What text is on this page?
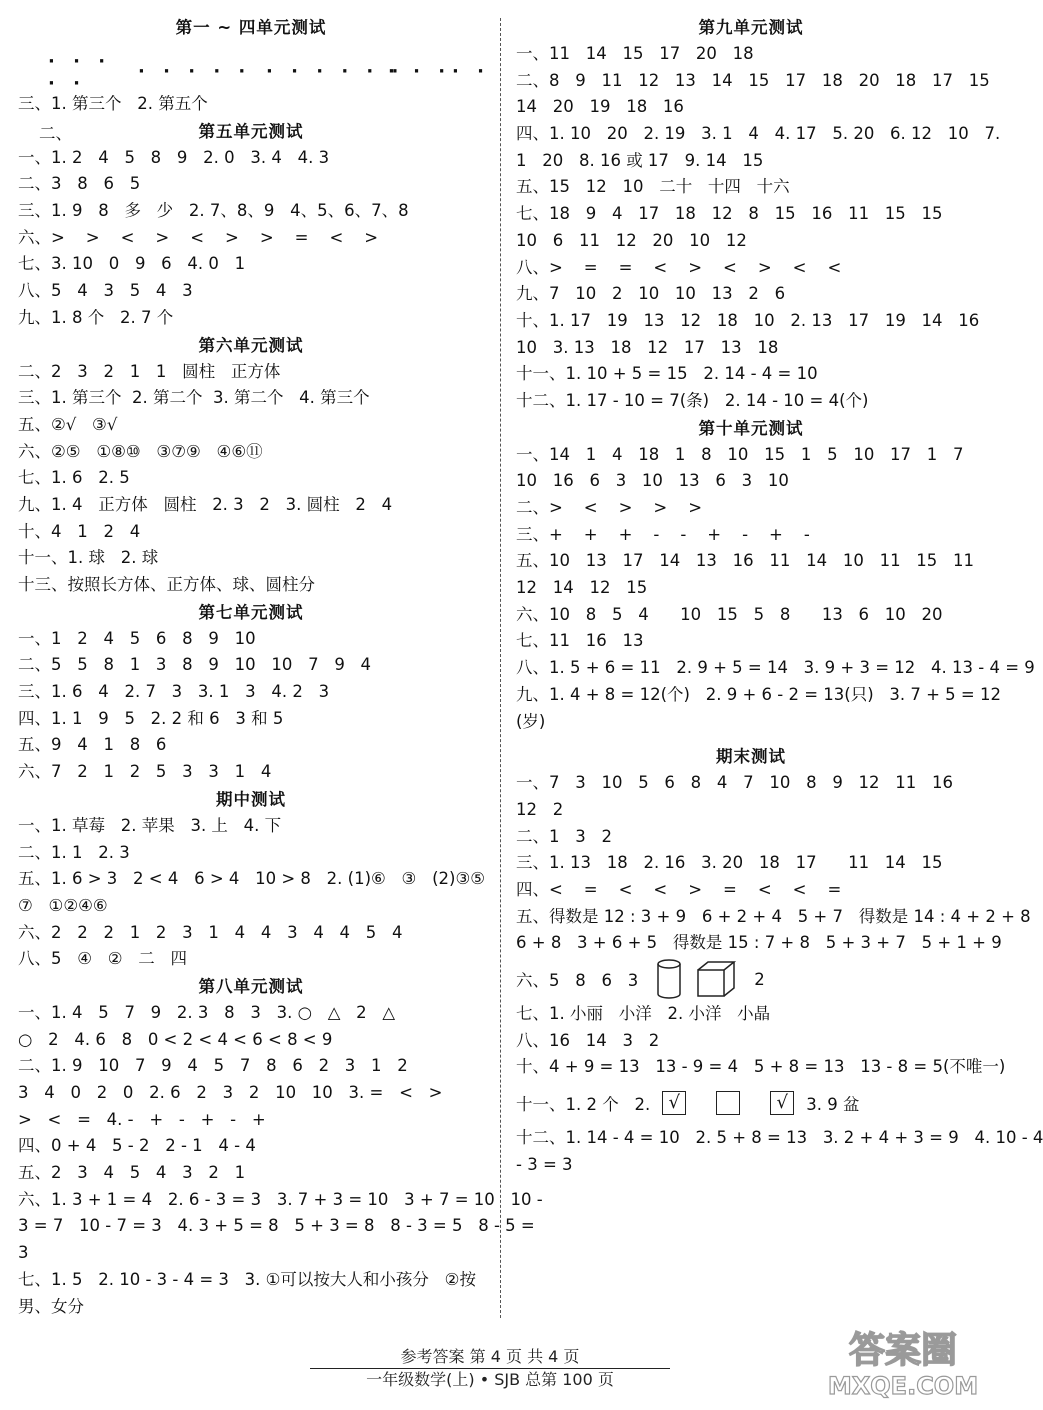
第一 ~ 四单元测试

二、

· · ·

· ·

· · · · ·

· · · · · ·

· · ·

· ·

三、1. 第三个   2. 第五个
第五单元测试
一、1. 2   4   5   8   9   2. 0   3. 4   4. 3
二、3   8   6   5
三、1. 9   8   多   少   2. 7、8、9   4、5、6、7、8
六、>    >    <    >    <    >    >    =    <    >
七、3. 10   0   9   6   4. 0   1
八、5   4   3   5   4   3
九、1. 8 个   2. 7 个
第六单元测试
二、2   3   2   1   1   圆柱   正方体
三、1. 第三个  2. 第二个  3. 第二个   4. 第三个
五、②√   ③√
六、②⑤   ①⑧⑩   ③⑦⑨   ④⑥⑪
七、1. 6   2. 5
九、1. 4   正方体   圆柱   2. 3   2   3. 圆柱   2   4
十、4   1   2   4
十一、1. 球   2. 球
十三、按照长方体、正方体、球、圆柱分
第七单元测试
一、1   2   4   5   6   8   9   10
二、5   5   8   1   3   8   9   10   10   7   9   4
三、1. 6   4   2. 7   3   3. 1   3   4. 2   3
四、1. 1   9   5   2. 2 和 6   3 和 5
五、9   4   1   8   6
六、7   2   1   2   5   3   3   1   4
期中测试
一、1. 草莓   2. 苹果   3. 上   4. 下
二、1. 1   2. 3
五、1. 6 > 3   2 < 4   6 > 4   10 > 8   2. (1)⑥   ③   (2)③⑤
⑦   ①②④⑥
六、2   2   2   1   2   3   1   4   4   3   4   4   5   4
八、5   ④   ②   二   四
第八单元测试
一、1. 4   5   7   9   2. 3   8   3   3. ○   △   2   △
○   2   4. 6   8   0 < 2 < 4 < 6 < 8 < 9
二、1. 9   10   7   9   4   5   7   8   6   2   3   1   2
3   4   0   2   0   2. 6   2   3   2   10   10   3. =   <   >
>   <   =   4. -   +   -   +   -   +
四、0 + 4   5 - 2   2 - 1   4 - 4
五、2   3   4   5   4   3   2   1
六、1. 3 + 1 = 4   2. 6 - 3 = 3   3. 7 + 3 = 10   3 + 7 = 10   10 -
3 = 7   10 - 7 = 3   4. 3 + 5 = 8   5 + 3 = 8   8 - 3 = 5   8 - 5 =
3
七、1. 5   2. 10 - 3 - 4 = 3   3. ①可以按大人和小孩分   ②按
男、女分
第九单元测试
一、11   14   15   17   20   18
二、8   9   11   12   13   14   15   17   18   20   18   17   15
14   20   19   18   16
四、1. 10   20   2. 19   3. 1   4   4. 17   5. 20   6. 12   10   7.
1   20   8. 16 或 17   9. 14   15
五、15   12   10   二十   十四   十六
七、18   9   4   17   18   12   8   15   16   11   15   15
10   6   11   12   20   10   12
八、>    =    =    <    >    <    >    <    <
九、7   10   2   10   10   13   2   6
十、1. 17   19   13   12   18   10   2. 13   17   19   14   16
10   3. 13   18   12   17   13   18
十一、1. 10 + 5 = 15   2. 14 - 4 = 10
十二、1. 17 - 10 = 7(条)   2. 14 - 10 = 4(个)
第十单元测试
一、14   1   4   18   1   8   10   15   1   5   10   17   1   7
10   16   6   3   10   13   6   3   10
二、>    <    >    >    >
三、+    +    +    -    -    +    -    +    -
五、10   13   17   14   13   16   11   14   10   11   15   11
12   14   12   15
六、10   8   5   4      10   15   5   8      13   6   10   20
七、11   16   13
八、1. 5 + 6 = 11   2. 9 + 5 = 14   3. 9 + 3 = 12   4. 13 - 4 = 9
九、1. 4 + 8 = 12(个)   2. 9 + 6 - 2 = 13(只)   3. 7 + 5 = 12
(岁)
期末测试
一、7   3   10   5   6   8   4   7   10   8   9   12   11   16
12   2
二、1   3   2
三、1. 13   18   2. 16   3. 20   18   17      11   14   15
四、<    =    <    <    >    =    <    <    =
五、得数是 12 : 3 + 9   6 + 2 + 4   5 + 7   得数是 14 : 4 + 2 + 8
6 + 8   3 + 6 + 5   得数是 15 : 7 + 8   5 + 3 + 7   5 + 1 + 9
六、5   8   6   3	2
七、1. 小丽   小洋   2. 小洋   小晶
八、16   14   3   2
十、4 + 9 = 13   13 - 9 = 4   5 + 8 = 13   13 - 8 = 5(不唯一)
十一、1. 2 个   2.	√	√	3. 9 盆
十二、1. 14 - 4 = 10   2. 5 + 8 = 13   3. 2 + 4 + 3 = 9   4. 10 - 4
- 3 = 3
参考答案 第 4 页 共 4 页
一年级数学(上) • SJB 总第 100 页
答案圈
MXQE.COM
